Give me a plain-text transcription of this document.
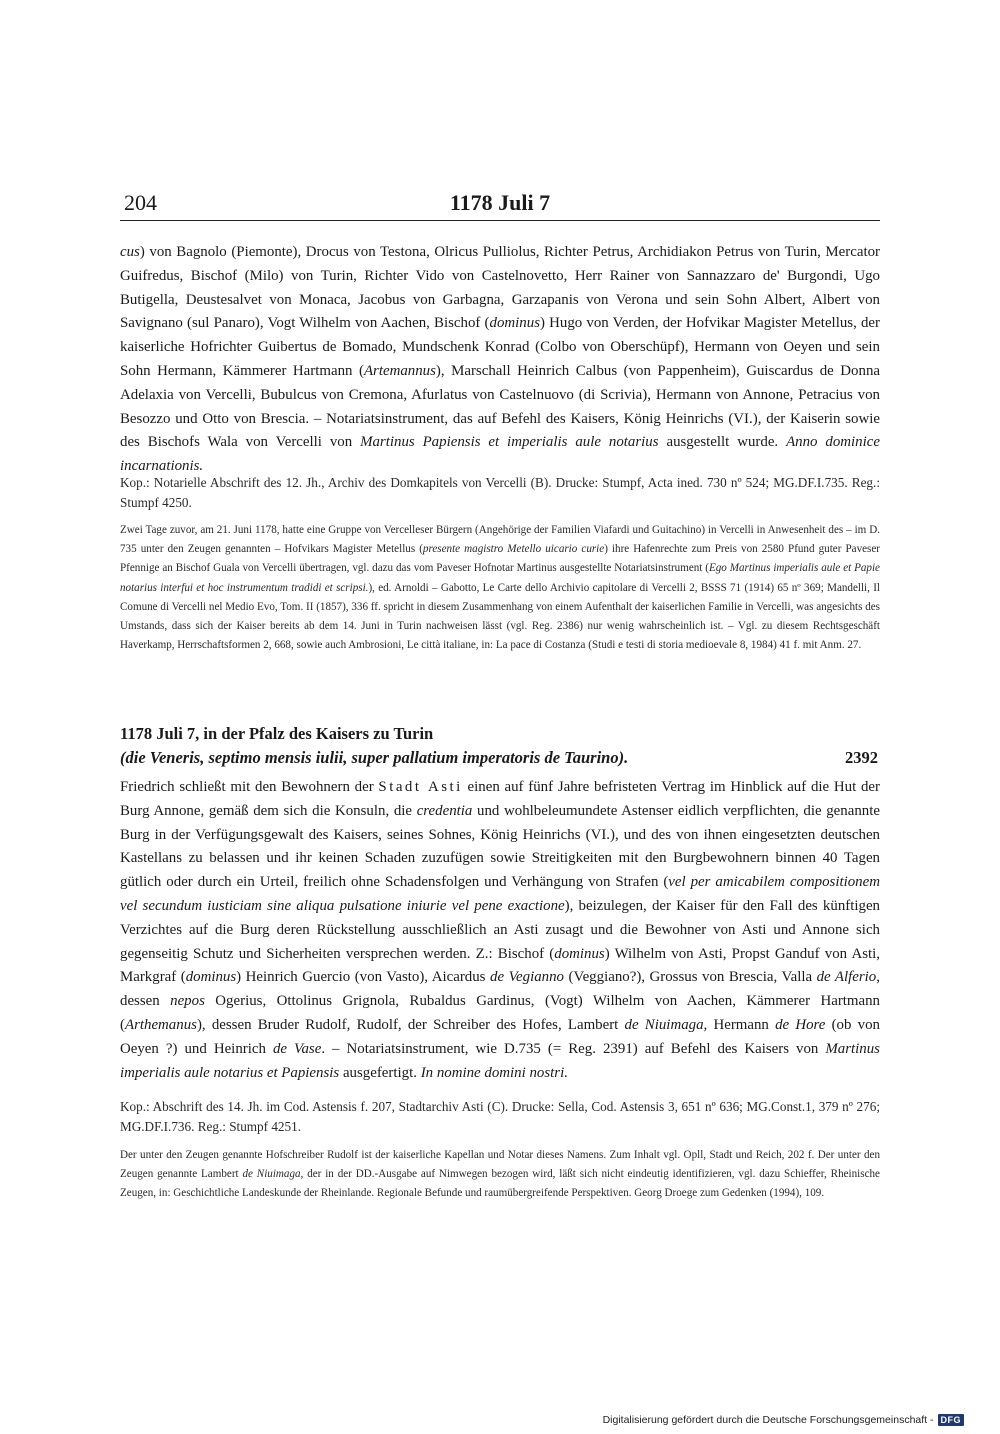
204	1178 Juli 7
cus) von Bagnolo (Piemonte), Drocus von Testona, Olricus Pulliolus, Richter Petrus, Archidiakon Petrus von Turin, Mercator Guifredus, Bischof (Milo) von Turin, Richter Vido von Castelnovetto, Herr Rainer von Sannazzaro de' Burgondi, Ugo Butigella, Deustesalvet von Monaca, Jacobus von Garbagna, Garzapanis von Verona und sein Sohn Albert, Albert von Savignano (sul Panaro), Vogt Wilhelm von Aachen, Bischof (dominus) Hugo von Verden, der Hofvikar Magister Metellus, der kaiserliche Hofrichter Guibertus de Bomado, Mundschenk Konrad (Colbo von Oberschüpf), Hermann von Oeyen und sein Sohn Hermann, Kämmerer Hartmann (Artemannus), Marschall Heinrich Calbus (von Pappenheim), Guiscardus de Donna Adelaxia von Vercelli, Bubulcus von Cremona, Afurlatus von Castelnuovo (di Scrivia), Hermann von Annone, Petracius von Besozzo und Otto von Brescia. – Notariatsinstrument, das auf Befehl des Kaisers, König Heinrichs (VI.), der Kaiserin sowie des Bischofs Wala von Vercelli von Martinus Papiensis et imperialis aule notarius ausgestellt wurde. Anno dominice incarnationis.
Kop.: Notarielle Abschrift des 12. Jh., Archiv des Domkapitels von Vercelli (B). Drucke: Stumpf, Acta ined. 730 nº 524; MG.DF.I.735. Reg.: Stumpf 4250.
Zwei Tage zuvor, am 21. Juni 1178, hatte eine Gruppe von Vercelleser Bürgern (Angehörige der Familien Viafardi und Guitachino) in Vercelli in Anwesenheit des – im D. 735 unter den Zeugen genannten – Hofvikars Magister Metellus (presente magistro Metello uicario curie) ihre Hafenrechte zum Preis von 2580 Pfund guter Paveser Pfennige an Bischof Guala von Vercelli übertragen, vgl. dazu das vom Paveser Hofnotar Martinus ausgestellte Notariatsinstrument (Ego Martinus imperialis aule et Papie notarius interfui et hoc instrumentum tradidi et scripsi.), ed. Arnoldi – Gabotto, Le Carte dello Archivio capitolare di Vercelli 2, BSSS 71 (1914) 65 nº 369; Mandelli, Il Comune di Vercelli nel Medio Evo, Tom. II (1857), 336 ff. spricht in diesem Zusammenhang von einem Aufenthalt der kaiserlichen Familie in Vercelli, was angesichts des Umstands, dass sich der Kaiser bereits ab dem 14. Juni in Turin nachweisen lässt (vgl. Reg. 2386) nur wenig wahrscheinlich ist. – Vgl. zu diesem Rechtsgeschäft Haverkamp, Herrschaftsformen 2, 668, sowie auch Ambrosioni, Le città italiane, in: La pace di Costanza (Studi e testi di storia medioevale 8, 1984) 41 f. mit Anm. 27.
1178 Juli 7, in der Pfalz des Kaisers zu Turin
(die Veneris, septimo mensis iulii, super pallatium imperatoris de Taurino).	2392
Friedrich schließt mit den Bewohnern der Stadt Asti einen auf fünf Jahre befristeten Vertrag im Hinblick auf die Hut der Burg Annone, gemäß dem sich die Konsuln, die credentia und wohlbeleumundete Astenser eidlich verpflichten, die genannte Burg in der Verfügungsgewalt des Kaisers, seines Sohnes, König Heinrichs (VI.), und des von ihnen eingesetzten deutschen Kastellans zu belassen und ihr keinen Schaden zuzufügen sowie Streitigkeiten mit den Burgbewohnern binnen 40 Tagen gütlich oder durch ein Urteil, freilich ohne Schadensfolgen und Verhängung von Strafen (vel per amicabilem compositionem vel secundum iusticiam sine aliqua pulsatione iniurie vel pene exactione), beizulegen, der Kaiser für den Fall des künftigen Verzichtes auf die Burg deren Rückstellung ausschließlich an Asti zusagt und die Bewohner von Asti und Annone sich gegenseitig Schutz und Sicherheiten versprechen werden. Z.: Bischof (dominus) Wilhelm von Asti, Propst Ganduf von Asti, Markgraf (dominus) Heinrich Guercio (von Vasto), Aicardus de Vegianno (Veggiano?), Grossus von Brescia, Valla de Alferio, dessen nepos Ogerius, Ottolinus Grignola, Rubaldus Gardinus, (Vogt) Wilhelm von Aachen, Kämmerer Hartmann (Arthemanus), dessen Bruder Rudolf, Rudolf, der Schreiber des Hofes, Lambert de Niuimaga, Hermann de Hore (ob von Oeyen ?) und Heinrich de Vase. – Notariatsinstrument, wie D.735 (= Reg. 2391) auf Befehl des Kaisers von Martinus imperialis aule notarius et Papiensis ausgefertigt. In nomine domini nostri.
Kop.: Abschrift des 14. Jh. im Cod. Astensis f. 207, Stadtarchiv Asti (C). Drucke: Sella, Cod. Astensis 3, 651 nº 636; MG.Const.1, 379 nº 276; MG.DF.I.736. Reg.: Stumpf 4251.
Der unter den Zeugen genannte Hofschreiber Rudolf ist der kaiserliche Kapellan und Notar dieses Namens. Zum Inhalt vgl. Opll, Stadt und Reich, 202 f. Der unter den Zeugen genannte Lambert de Niuimaga, der in der DD.-Ausgabe auf Nimwegen bezogen wird, läßt sich nicht eindeutig identifizieren, vgl. dazu Schieffer, Rheinische Zeugen, in: Geschichtliche Landeskunde der Rheinlande. Regionale Befunde und raumübergreifende Perspektiven. Georg Droege zum Gedenken (1994), 109.
Digitalisierung gefördert durch die Deutsche Forschungsgemeinschaft - DFG
